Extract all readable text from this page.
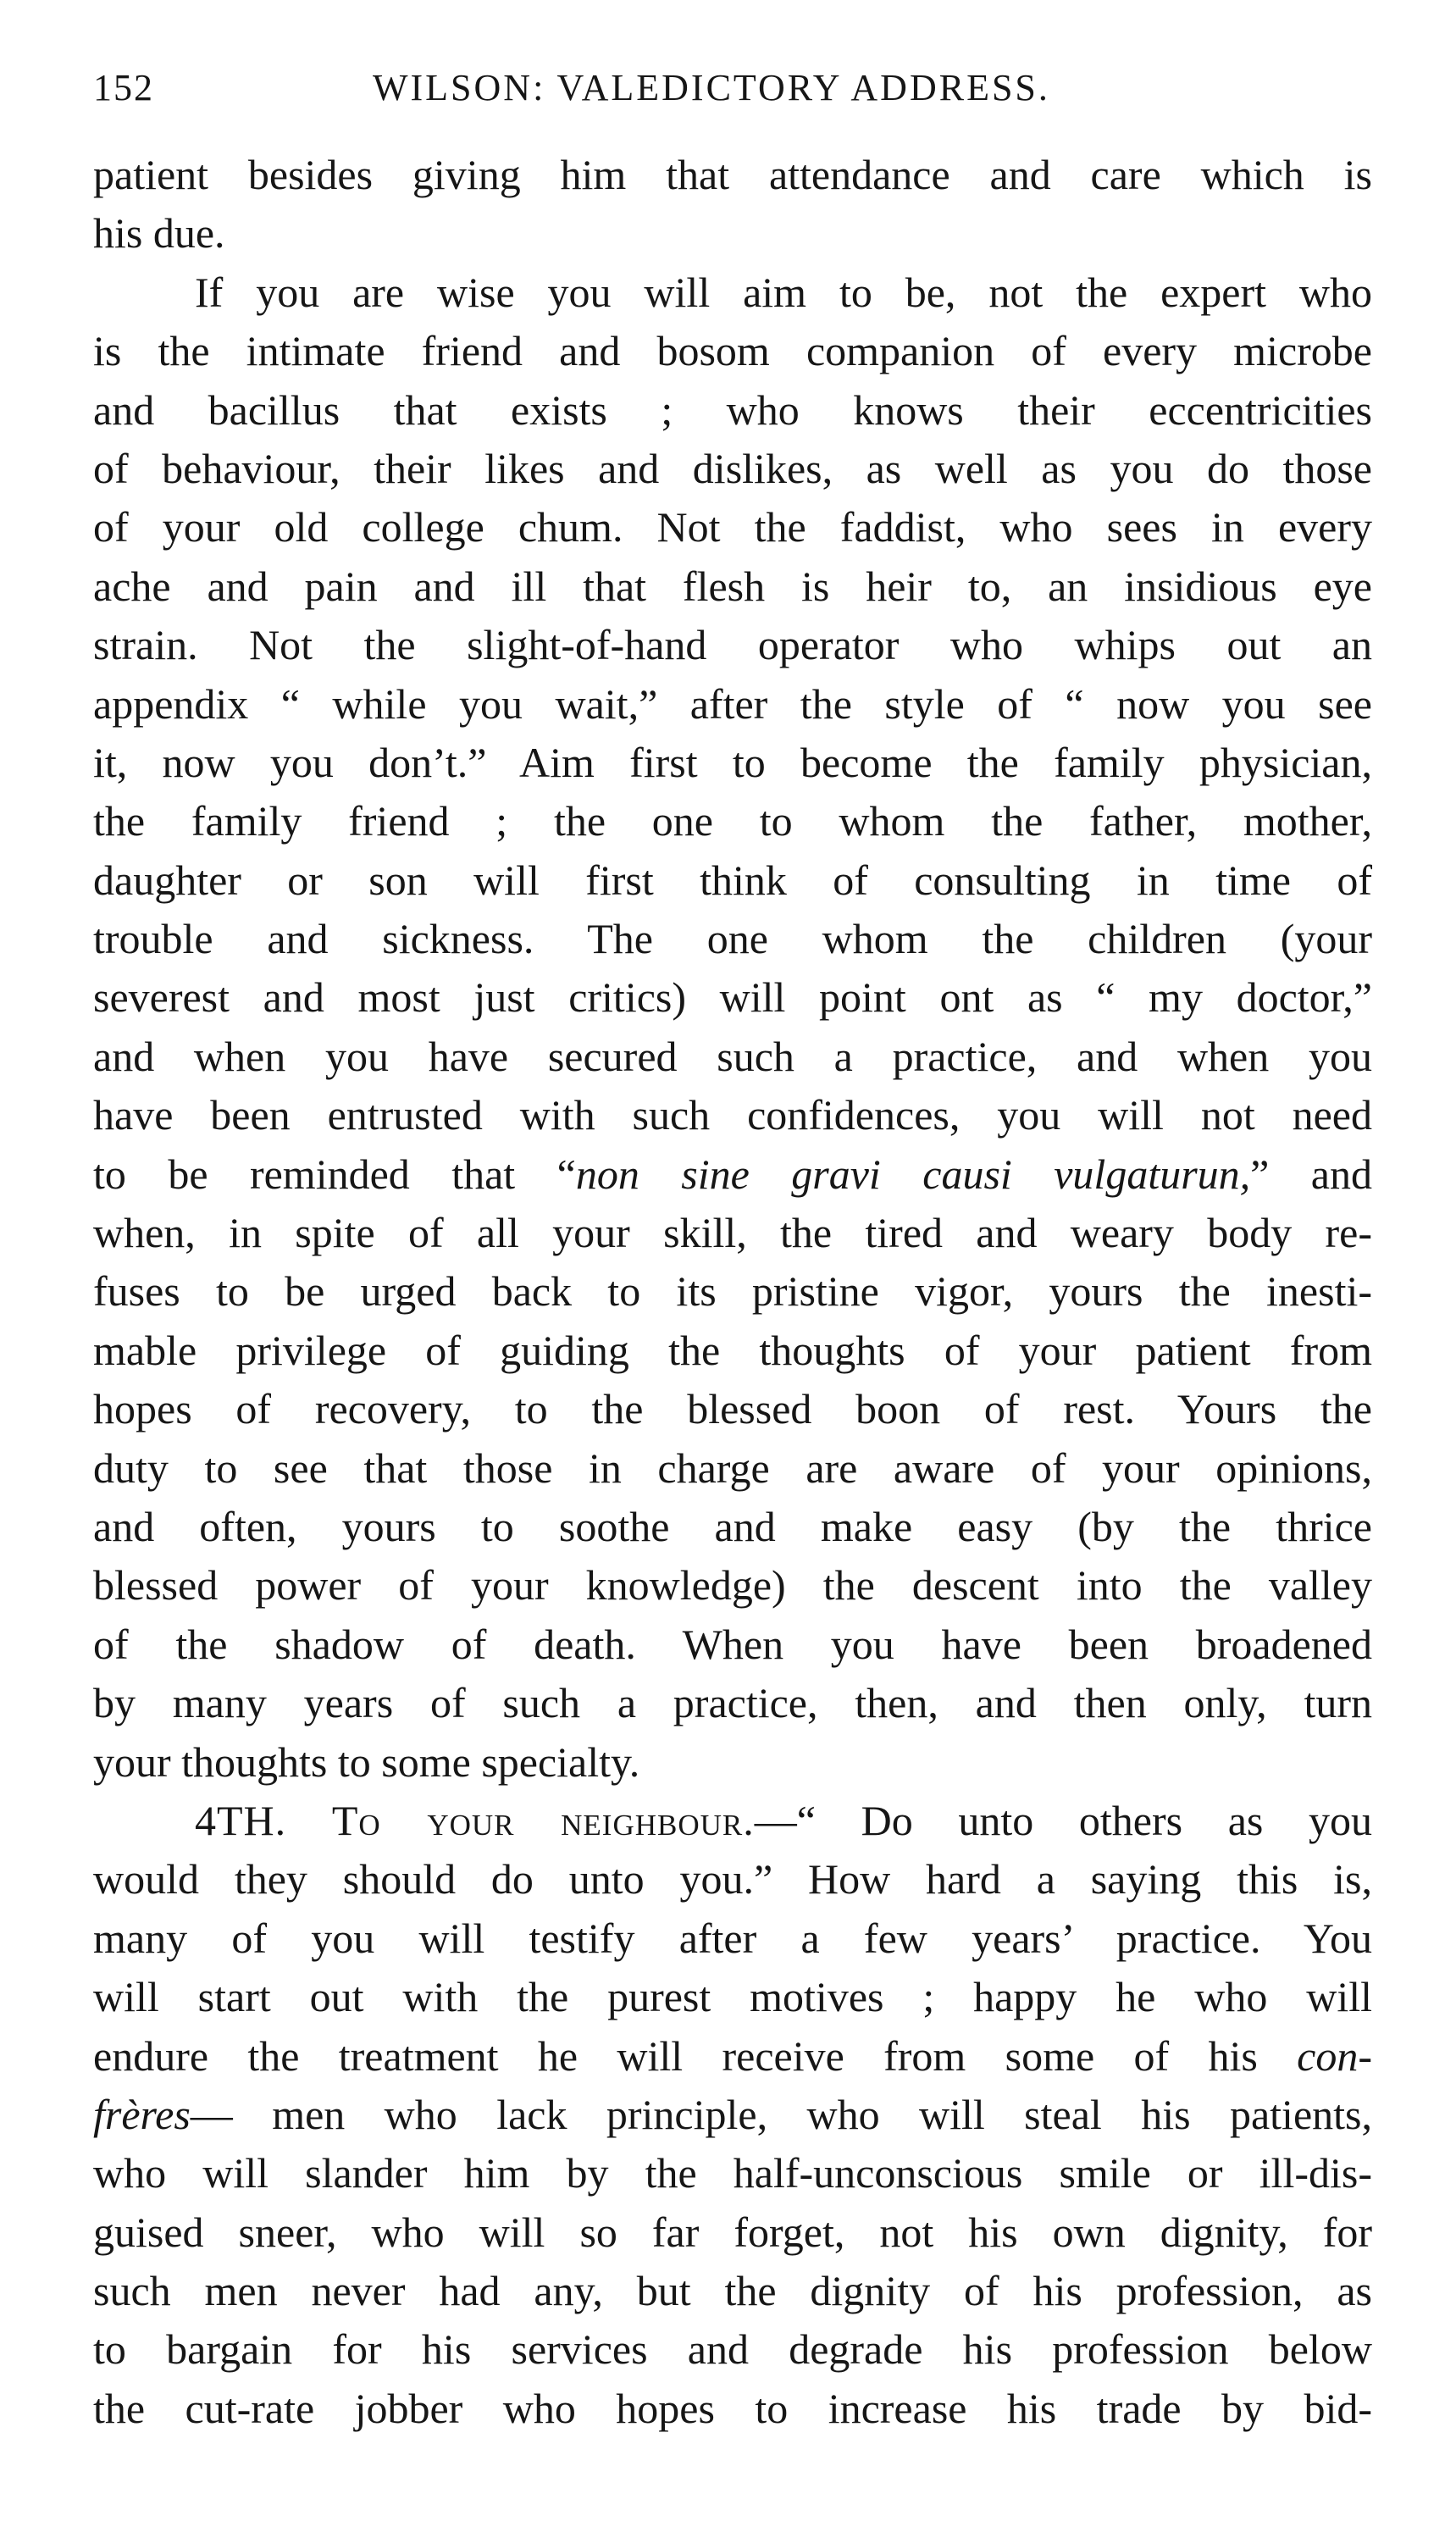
152	WILSON: VALEDICTORY ADDRESS.
patient besides giving him that attendance and care which is
his due.
If you are wise you will aim to be, not the expert who
is the intimate friend and bosom companion of every microbe
and bacillus that exists ; who knows their eccentricities
of behaviour, their likes and dislikes, as well as you do those
of your old college chum. Not the faddist, who sees in every
ache and pain and ill that flesh is heir to, an insidious eye
strain. Not the slight-of-hand operator who whips out an
appendix “ while you wait,” after the style of “ now you see
it, now you don’t.” Aim first to become the family physician,
the family friend ; the one to whom the father, mother,
daughter or son will first think of consulting in time of
trouble and sickness. The one whom the children (your
severest and most just critics) will point ont as “ my doctor,”
and when you have secured such a practice, and when you
have been entrusted with such confidences, you will not need
to be reminded that “non sine gravi causi vulgaturun,” and
when, in spite of all your skill, the tired and weary body re-
fuses to be urged back to its pristine vigor, yours the inesti-
mable privilege of guiding the thoughts of your patient from
hopes of recovery, to the blessed boon of rest. Yours the
duty to see that those in charge are aware of your opinions,
and often, yours to soothe and make easy (by the thrice
blessed power of your knowledge) the descent into the valley
of the shadow of death. When you have been broadened
by many years of such a practice, then, and then only, turn
your thoughts to some specialty.
4TH. To your neighbour.—“ Do unto others as you
would they should do unto you.” How hard a saying this is,
many of you will testify after a few years’ practice. You
will start out with the purest motives ; happy he who will
endure the treatment he will receive from some of his con-
frères— men who lack principle, who will steal his patients,
who will slander him by the half-unconscious smile or ill-dis-
guised sneer, who will so far forget, not his own dignity, for
such men never had any, but the dignity of his profession, as
to bargain for his services and degrade his profession below
the cut-rate jobber who hopes to increase his trade by bid-
